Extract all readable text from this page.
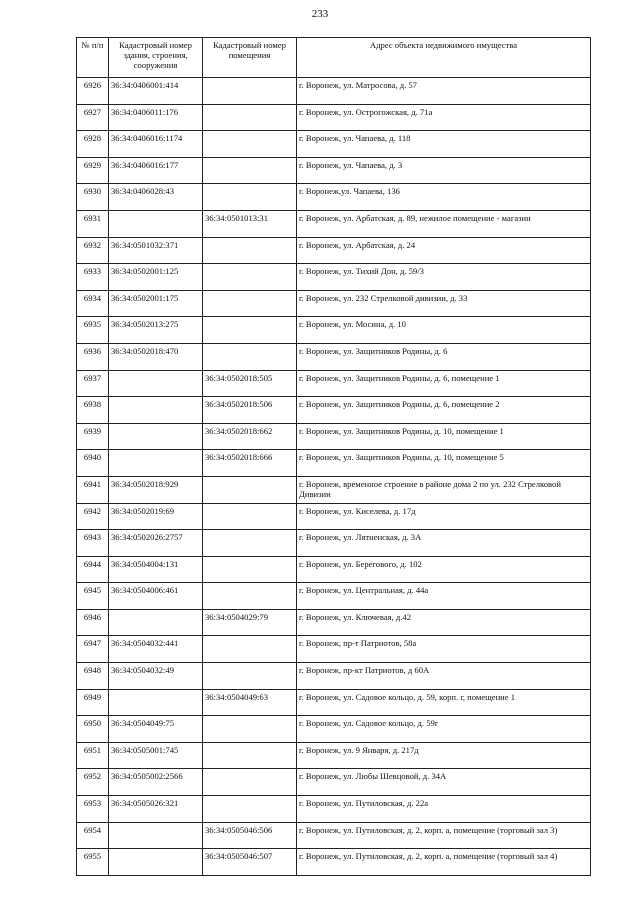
233
№ п/п	Кадастровый номер здания, строения, сооружения	Кадастровый номер помещения	Адрес объекта недвижимого имущества
6926	36:34:0406001:414		г. Воронеж, ул. Матросова, д. 57
6927	36:34:0406011:176		г. Воронеж, ул. Острогожская, д. 71а
6928	36:34:0406016:1174		г. Воронеж, ул. Чапаева, д. 118
6929	36:34:0406016:177		г. Воронеж, ул. Чапаева, д. 3
6930	36:34:0406028:43		г. Воронеж,ул. Чапаева, 136
6931		36:34:0501013:31	г. Воронеж, ул. Арбатская, д. 89, нежилое помещение - магазин
6932	36:34:0501032:371		г. Воронеж, ул. Арбатская, д. 24
6933	36:34:0502001:125		г. Воронеж, ул. Тихий Дон, д. 59/3
6934	36:34:0502001:175		г. Воронеж, ул. 232 Стрелковой дивизии, д. 33
6935	36:34:0502013:275		г. Воронеж, ул. Мосина, д. 10
6936	36:34:0502018:470		г. Воронеж, ул. Защитников Родины, д. 6
6937		36:34:0502018:505	г. Воронеж, ул. Защитников Родины, д. 6, помещение 1
6938		36:34:0502018:506	г. Воронеж, ул. Защитников Родины, д. 6, помещение 2
6939		36:34:0502018:662	г. Воронеж, ул. Защитников Родины, д. 10, помещение 1
6940		36:34:0502018:666	г. Воронеж, ул. Защитников Родины, д. 10, помещение 5
6941	36:34:0502018:929		г. Воронеж, временное строение в районе дома 2 по ул. 232 Стрелковой Дивизии
6942	36:34:0502019:69		г. Воронеж, ул. Киселева, д. 17д
6943	36:34:0502026:2757		г. Воронеж, ул. Лятненская, д. 3А
6944	36:34:0504004:131		г. Воронеж, ул. Берегового, д. 102
6945	36:34:0504006:461		г. Воронеж, ул. Центральная, д. 44а
6946		36:34:0504029:79	г. Воронеж, ул. Ключевая, д.42
6947	36:34:0504032:441		г. Воронеж, пр-т Патриотов, 58а
6948	36:34:0504032:49		г. Воронеж, пр-кт Патриотов, д 60А
6949		36:34:0504049:63	г. Воронеж, ул. Садовое кольцо, д. 59, корп. г, помещение 1
6950	36:34:0504049:75		г. Воронеж, ул. Садовое кольцо, д. 59г
6951	36:34:0505001:745		г. Воронеж, ул. 9 Января, д. 217д
6952	36:34:0505002:2566		г. Воронеж, ул. Любы Шевцовой, д. 34А
6953	36:34:0505026:321		г. Воронеж, ул. Путиловская, д. 22а
6954		36:34:0505046:506	г. Воронеж, ул. Путиловская, д. 2, корп. а, помещение (торговый зал 3)
6955		36:34:0505046:507	г. Воронеж, ул. Путиловская, д. 2, корп. а, помещение (торговый зал 4)
